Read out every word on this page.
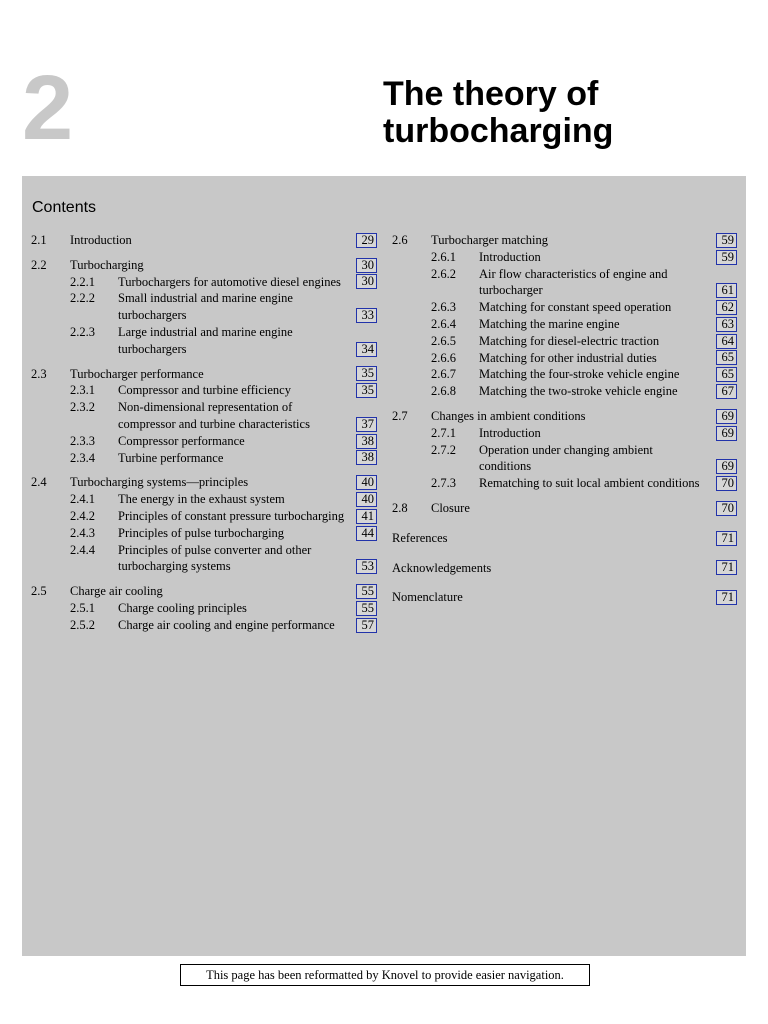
2	The theory of
turbocharging
Contents
2.1 Introduction	29
2.2 Turbocharging	30
2.2.1 Turbochargers for automotive diesel engines	30
2.2.2 Small industrial and marine engine turbochargers	33
2.2.3 Large industrial and marine engine turbochargers	34
2.3 Turbocharger performance	35
2.3.1 Compressor and turbine efficiency	35
2.3.2 Non-dimensional representation of compressor and turbine characteristics	37
2.3.3 Compressor performance	38
2.3.4 Turbine performance	38
2.4 Turbocharging systems—principles	40
2.4.1 The energy in the exhaust system	40
2.4.2 Principles of constant pressure turbocharging	41
2.4.3 Principles of pulse turbocharging	44
2.4.4 Principles of pulse converter and other turbocharging systems	53
2.5 Charge air cooling	55
2.5.1 Charge cooling principles	55
2.5.2 Charge air cooling and engine performance	57
2.6 Turbocharger matching	59
2.6.1 Introduction	59
2.6.2 Air flow characteristics of engine and turbocharger	61
2.6.3 Matching for constant speed operation	62
2.6.4 Matching the marine engine	63
2.6.5 Matching for diesel-electric traction	64
2.6.6 Matching for other industrial duties	65
2.6.7 Matching the four-stroke vehicle engine	65
2.6.8 Matching the two-stroke vehicle engine	67
2.7 Changes in ambient conditions	69
2.7.1 Introduction	69
2.7.2 Operation under changing ambient conditions	69
2.7.3 Rematching to suit local ambient conditions	70
2.8 Closure	70
References	71
Acknowledgements	71
Nomenclature	71
This page has been reformatted by Knovel to provide easier navigation.
